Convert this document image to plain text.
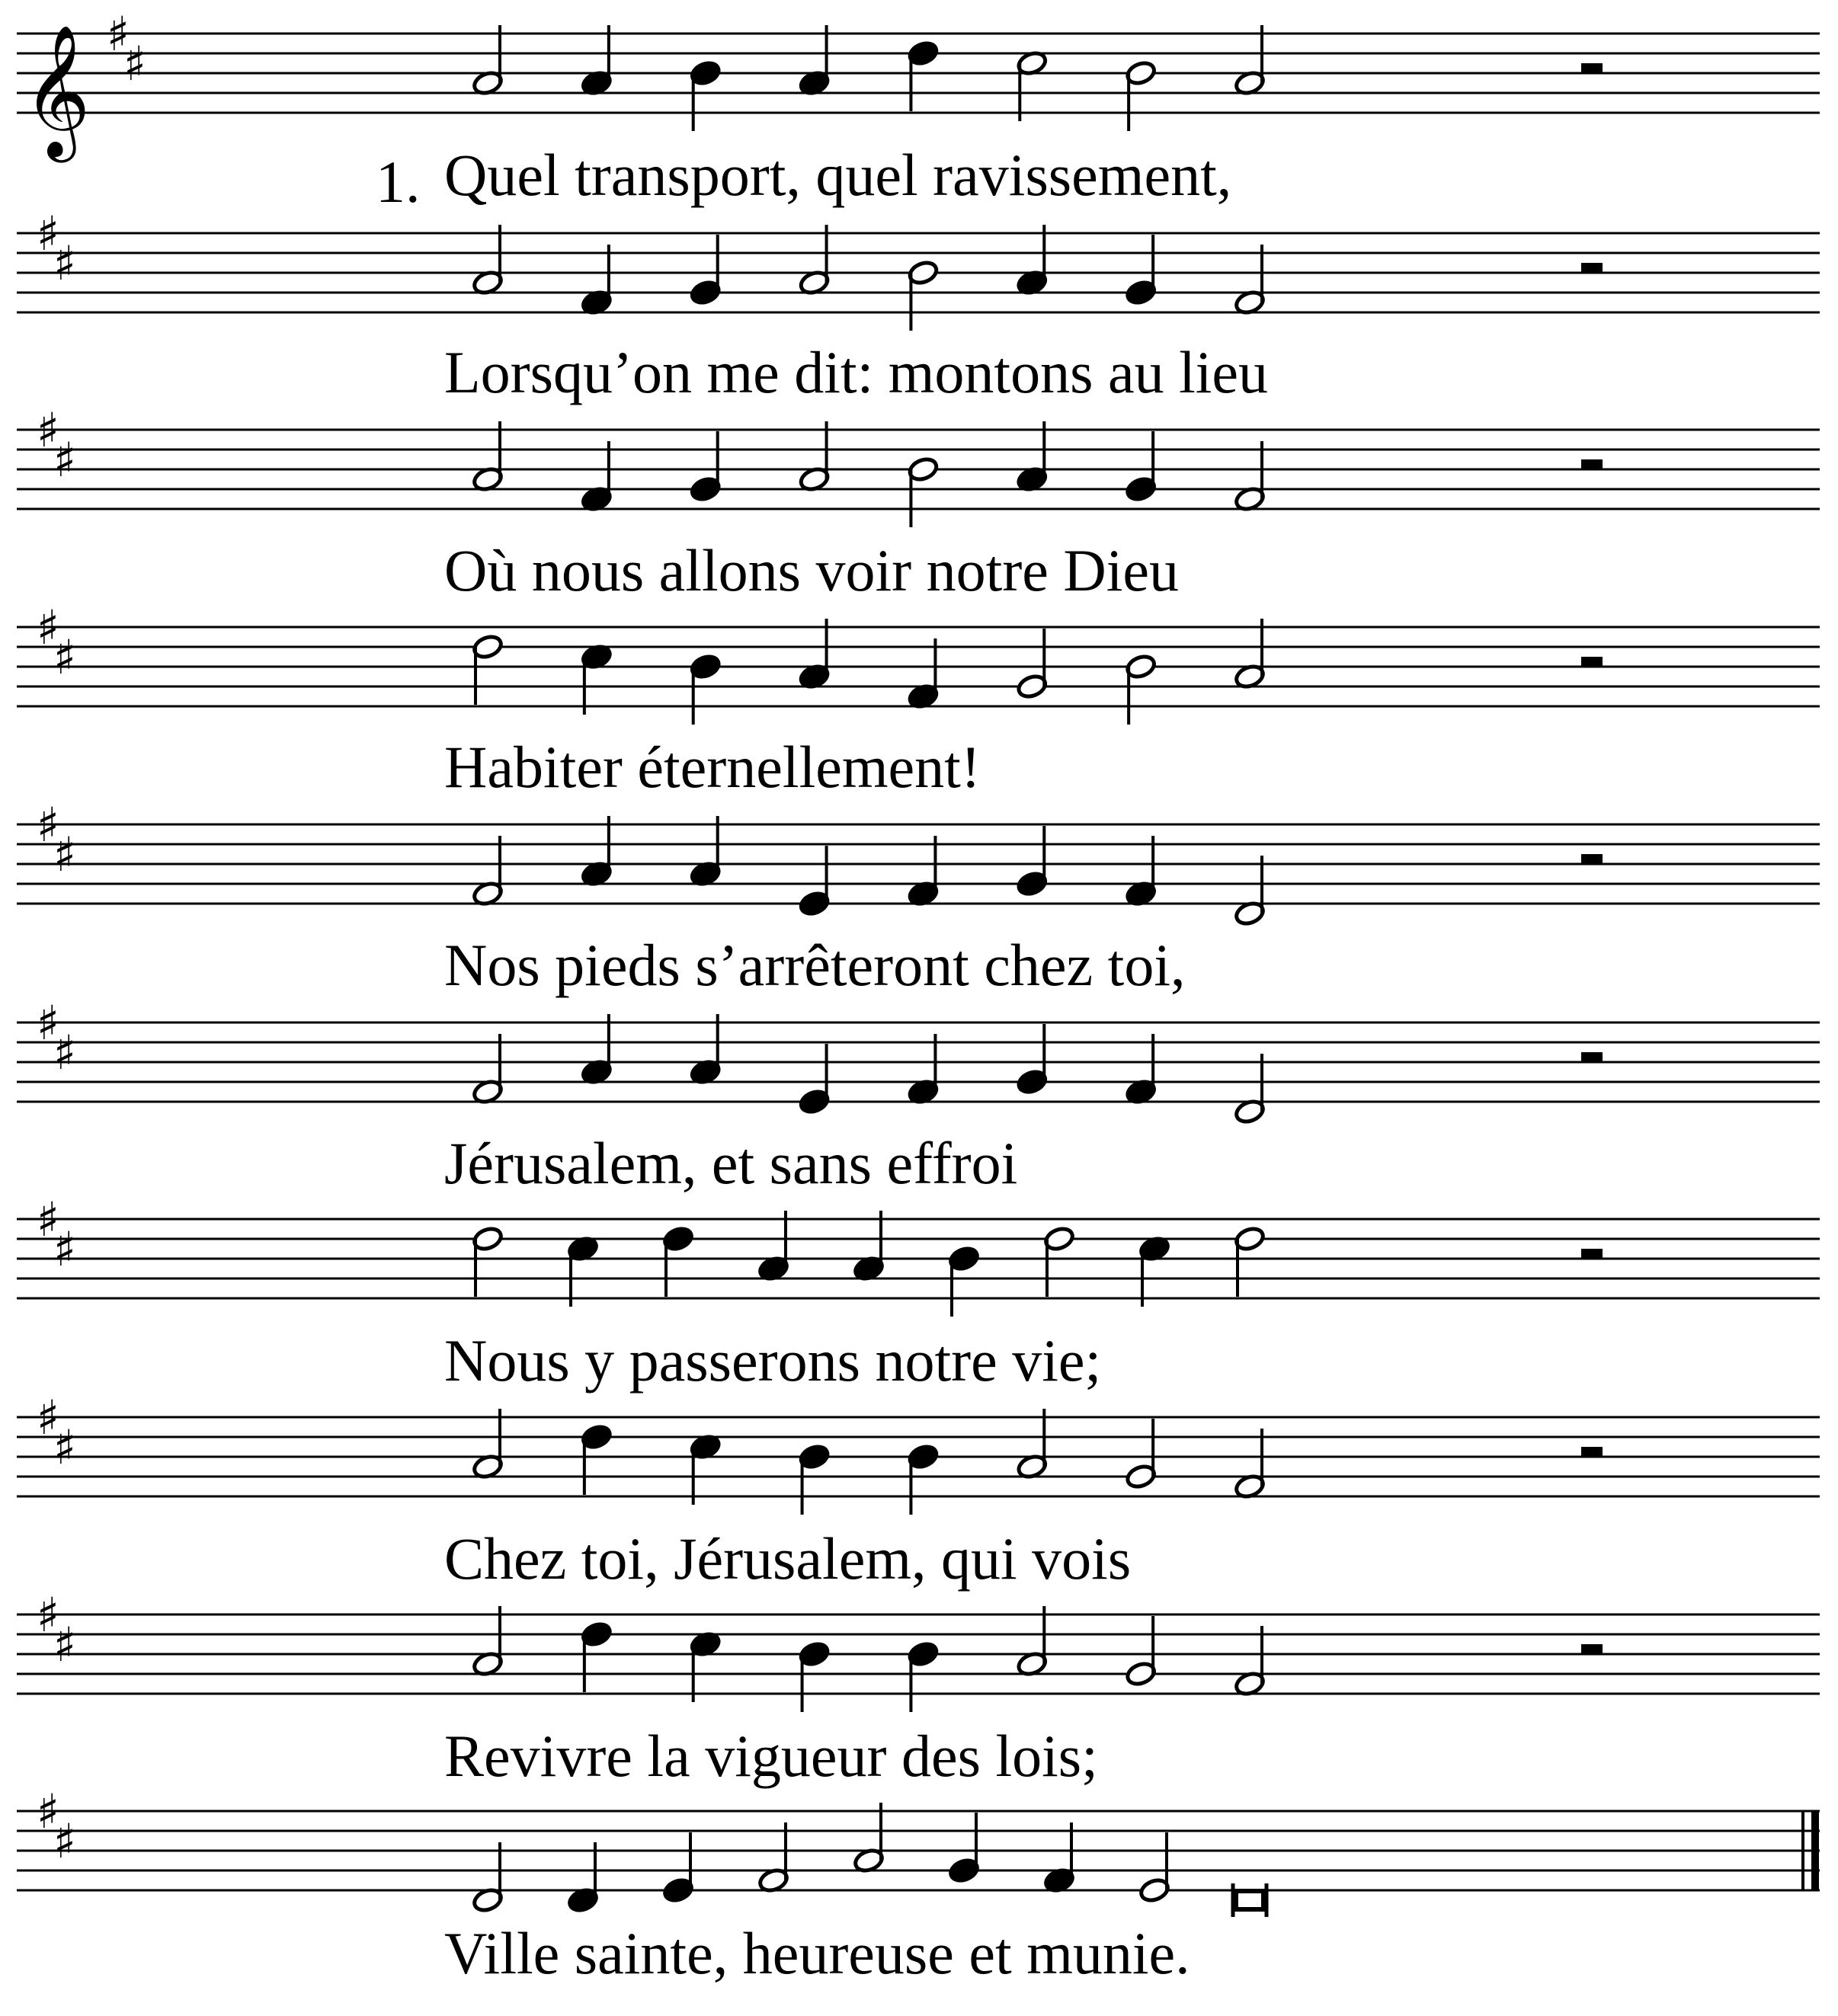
𝄞 ♯
♯
♯
♯
♯
♯
♯
♯
♯
♯
♯
♯
♯
♯
♯
♯
♯
♯
♯
♯
1. Quel transport, quel ravissement,
Lorsqu’on me dit: montons au lieu
Où nous allons voir notre Dieu
Habiter éternellement!
Nos pieds s’arrêteront chez toi,
Jérusalem, et sans effroi
Nous y passerons notre vie;
Chez toi, Jérusalem, qui vois
Revivre la vigueur des lois;
Ville sainte, heureuse et munie.
